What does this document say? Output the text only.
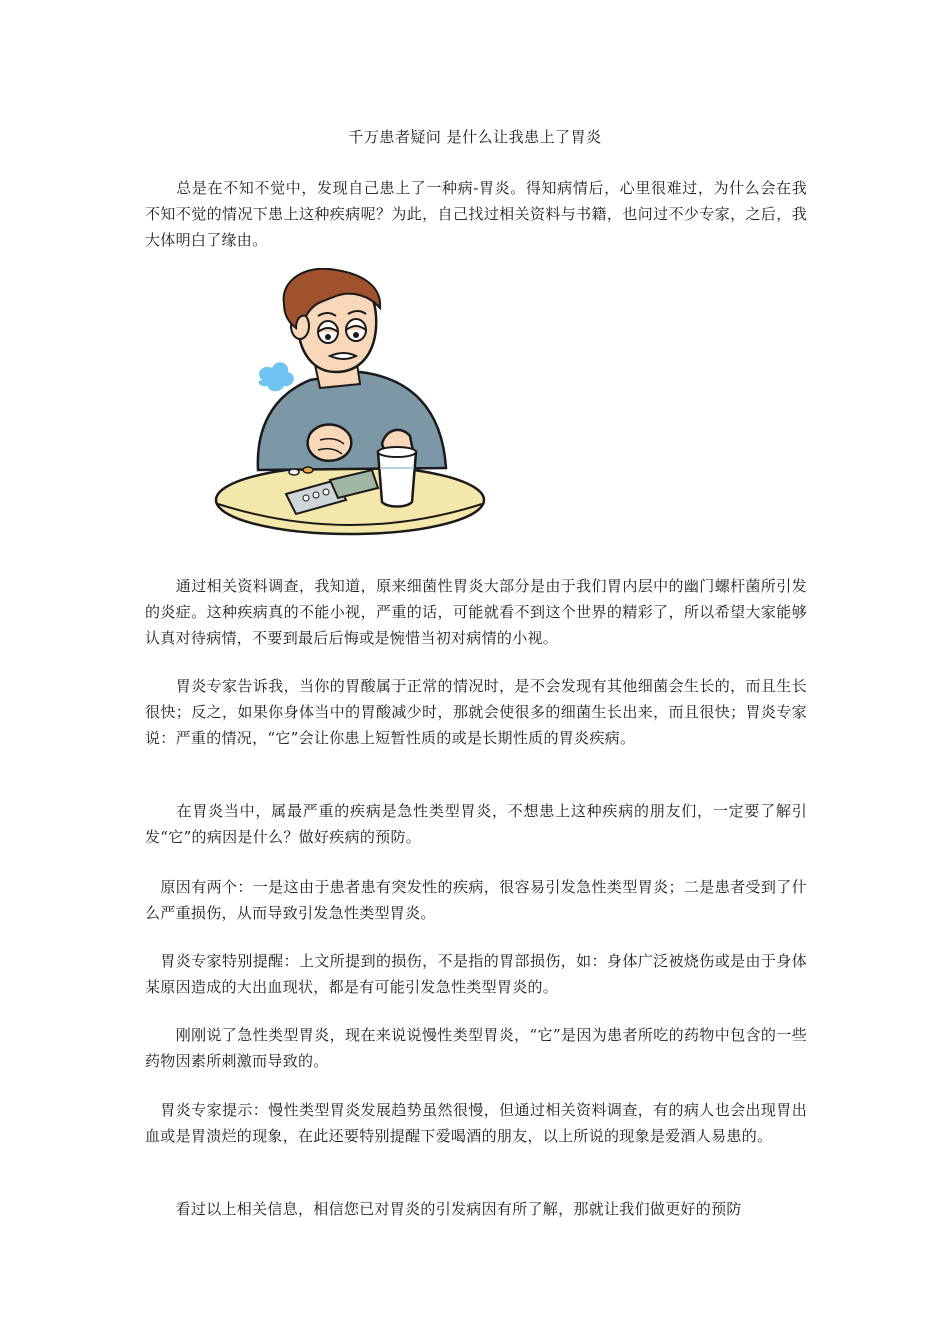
千万患者疑问 是什么让我患上了胃炎

　　总是在不知不觉中，发现自己患上了一种病-胃炎。得知病情后，心里很难过，为什么会在我不知不觉的情况下患上这种疾病呢？为此，自己找过相关资料与书籍，也问过不少专家，之后，我大体明白了缘由。

　　通过相关资料调查，我知道，原来细菌性胃炎大部分是由于我们胃内层中的幽门螺杆菌所引发的炎症。这种疾病真的不能小视，严重的话，可能就看不到这个世界的精彩了，所以希望大家能够认真对待病情，不要到最后后悔或是惋惜当初对病情的小视。

　　胃炎专家告诉我，当你的胃酸属于正常的情况时，是不会发现有其他细菌会生长的，而且生长很快；反之，如果你身体当中的胃酸减少时，那就会使很多的细菌生长出来，而且很快；胃炎专家说：严重的情况，“它”会让你患上短暂性质的或是长期性质的胃炎疾病。

　　在胃炎当中，属最严重的疾病是急性类型胃炎，不想患上这种疾病的朋友们，一定要了解引发“它”的病因是什么？做好疾病的预防。

　原因有两个：一是这由于患者患有突发性的疾病，很容易引发急性类型胃炎；二是患者受到了什么严重损伤，从而导致引发急性类型胃炎。

　胃炎专家特别提醒：上文所提到的损伤，不是指的胃部损伤，如：身体广泛被烧伤或是由于身体某原因造成的大出血现状，都是有可能引发急性类型胃炎的。

　　刚刚说了急性类型胃炎，现在来说说慢性类型胃炎，“它”是因为患者所吃的药物中包含的一些药物因素所刺激而导致的。

　胃炎专家提示：慢性类型胃炎发展趋势虽然很慢，但通过相关资料调查，有的病人也会出现胃出血或是胃溃烂的现象，在此还要特别提醒下爱喝酒的朋友，以上所说的现象是爱酒人易患的。

　　看过以上相关信息，相信您已对胃炎的引发病因有所了解，那就让我们做更好的预防
